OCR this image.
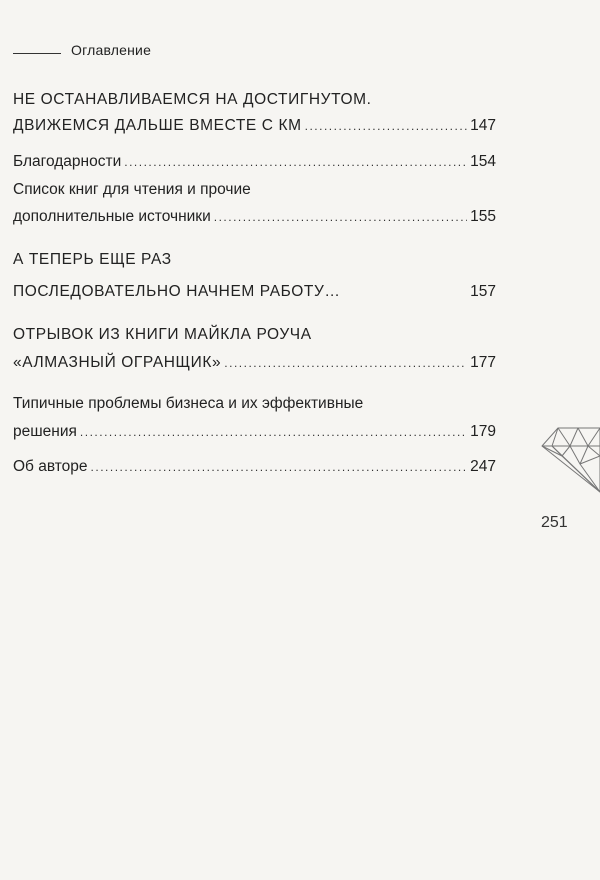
Оглавление
НЕ ОСТАНАВЛИВАЕМСЯ НА ДОСТИГНУТОМ.
ДВИЖЕМСЯ ДАЛЬШЕ ВМЕСТЕ С КМ .....	147
Благодарности .....	154
Список книг для чтения и прочие
дополнительные источники .....	155
А ТЕПЕРЬ ЕЩЕ РАЗ
ПОСЛЕДОВАТЕЛЬНО НАЧНЕМ РАБОТУ…	157
ОТРЫВОК ИЗ КНИГИ МАЙКЛА РОУЧА
«АЛМАЗНЫЙ ОГРАНЩИК» .....	177
Типичные проблемы бизнеса и их эффективные
решения .....	179
Об авторе .....	247
251
